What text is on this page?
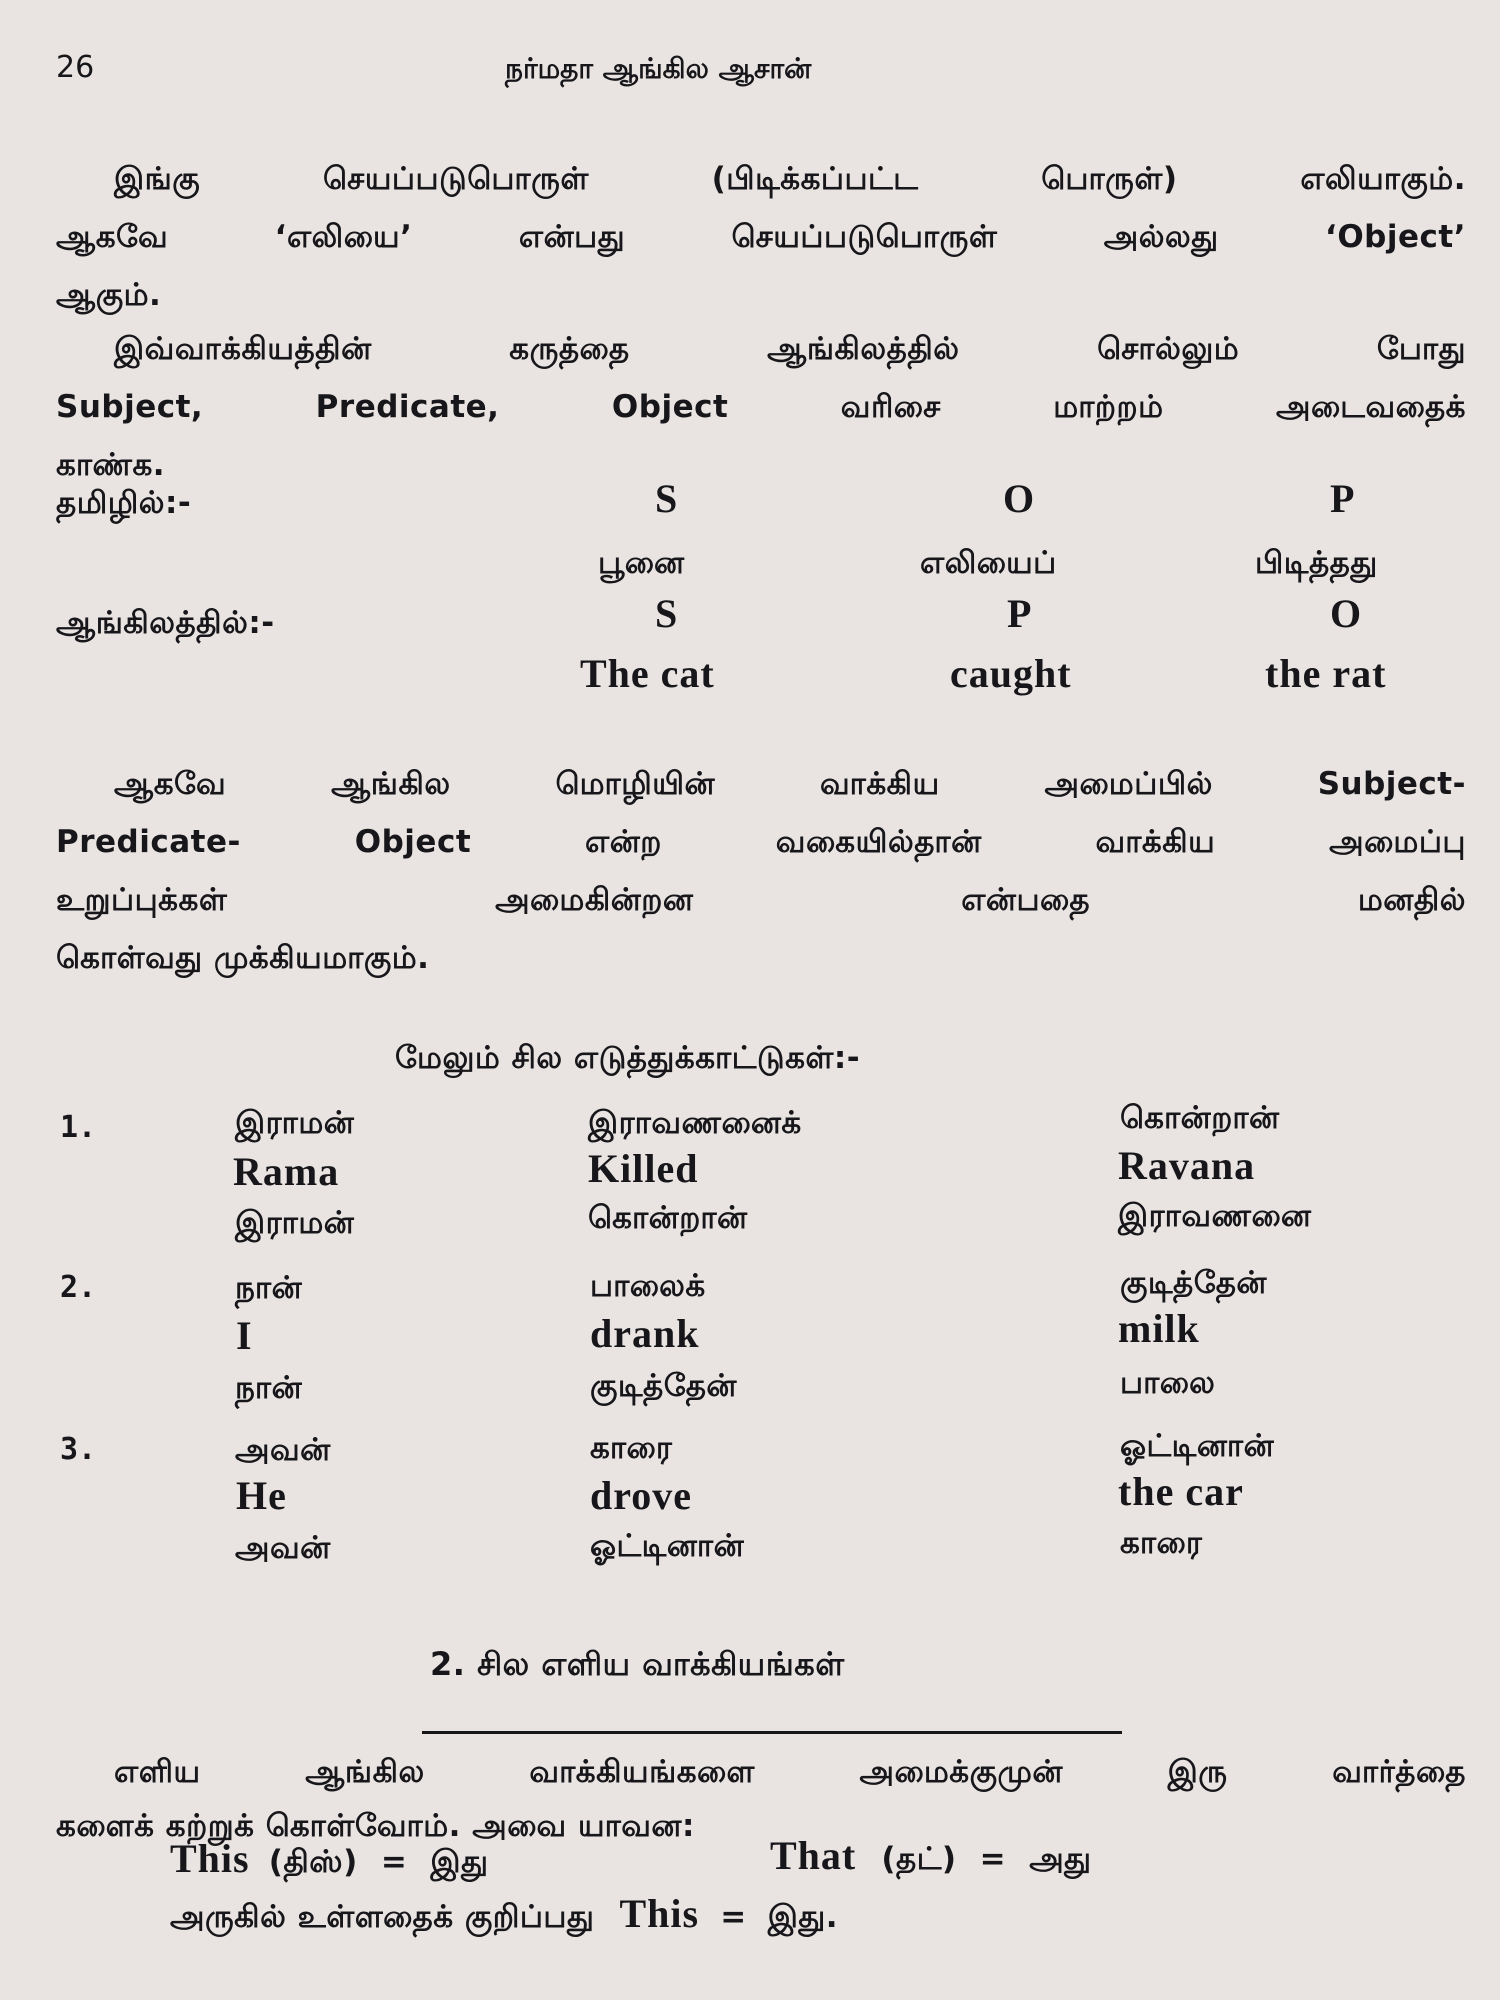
26	நர்மதா ஆங்கில ஆசான்
இங்கு செயப்படுபொருள் (பிடிக்கப்பட்ட பொருள்) எலியாகும்.
ஆகவே ‘எலியை’ என்பது செயப்படுபொருள் அல்லது ‘Object’
ஆகும்.
இவ்வாக்கியத்தின் கருத்தை ஆங்கிலத்தில் சொல்லும் போது
Subject, Predicate, Object வரிசை மாற்றம் அடைவதைக்
காண்க.
தமிழில்:-	S	O	P
பூனை	எலியைப்	பிடித்தது
ஆங்கிலத்தில்:-	S	P	O
The cat	caught	the rat
ஆகவே ஆங்கில மொழியின் வாக்கிய அமைப்பில் Subject-
Predicate- Object என்ற வகையில்தான் வாக்கிய அமைப்பு
உறுப்புக்கள் அமைகின்றன என்பதை மனதில்
கொள்வது முக்கியமாகும்.
மேலும் சில எடுத்துக்காட்டுகள்:-
1.	இராமன்	இராவணனைக்	கொன்றான்
Rama	Killed	Ravana
இராமன்	கொன்றான்	இராவணனை
2.	நான்	பாலைக்	குடித்தேன்
I	drank	milk
நான்	குடித்தேன்	பாலை
3.	அவன்	காரை	ஓட்டினான்
He	drove	the car
அவன்	ஓட்டினான்	காரை
2. சில எளிய வாக்கியங்கள்
எளிய ஆங்கில வாக்கியங்களை அமைக்குமுன் இரு வார்த்தை
களைக் கற்றுக் கொள்வோம். அவை யாவன:
This (திஸ்) = இது	That (தட்) = அது
அருகில் உள்ளதைக் குறிப்பது This = இது.
